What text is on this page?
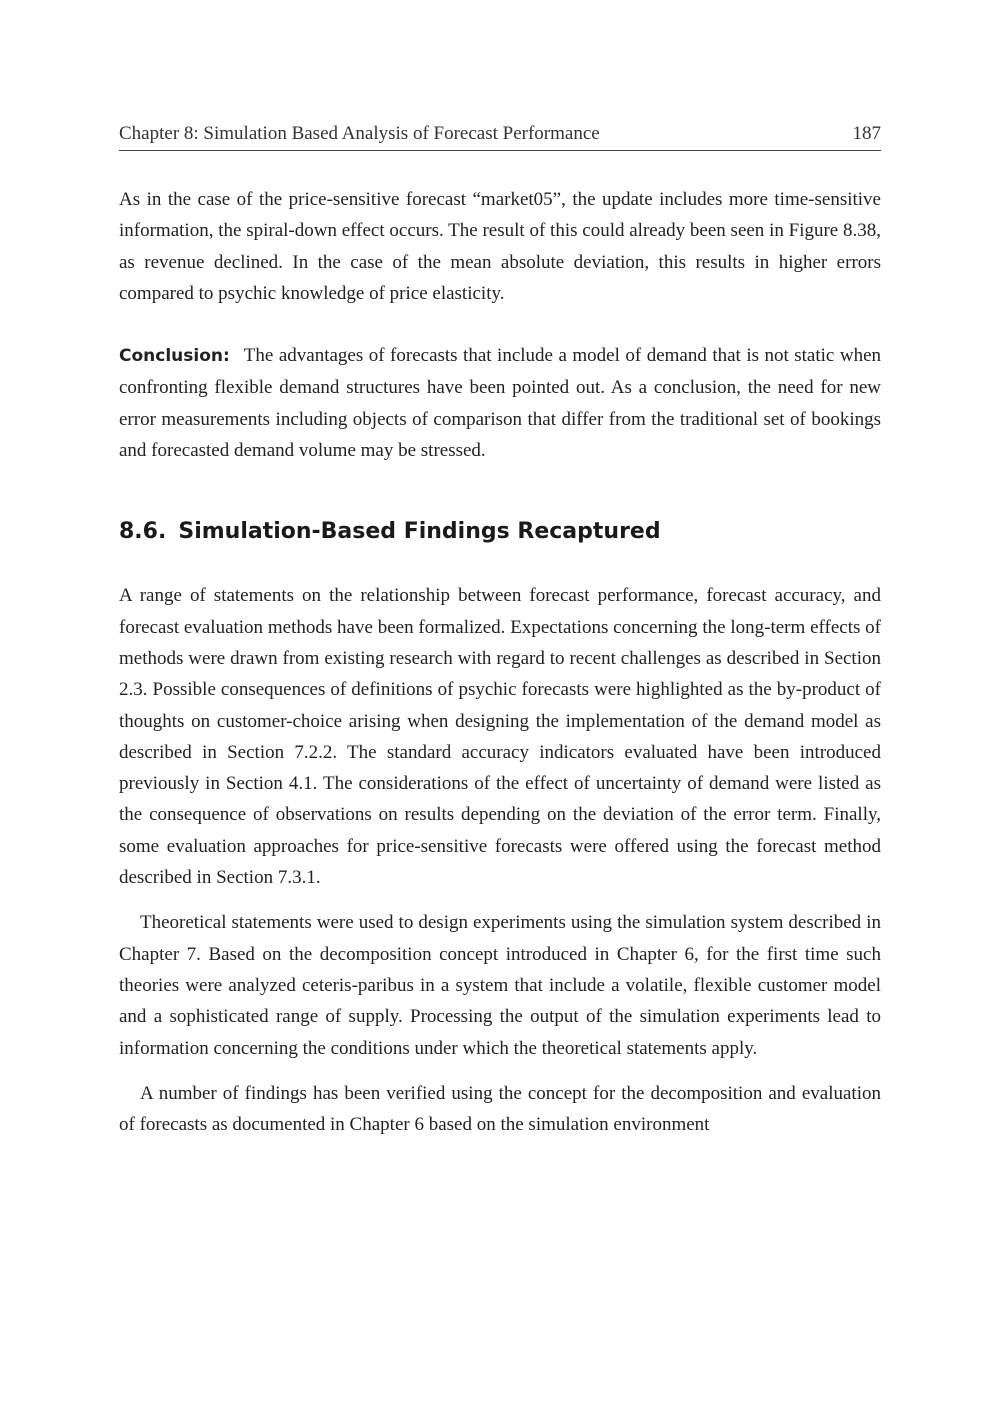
Chapter 8: Simulation Based Analysis of Forecast Performance	187

As in the case of the price-sensitive forecast “market05”, the update includes more time-sensitive information, the spiral-down effect occurs. The result of this could already been seen in Figure 8.38, as revenue declined. In the case of the mean absolute deviation, this results in higher errors compared to psychic knowledge of price elasticity.

Conclusion: The advantages of forecasts that include a model of demand that is not static when confronting flexible demand structures have been pointed out. As a conclusion, the need for new error measurements including objects of comparison that differ from the traditional set of bookings and forecasted demand volume may be stressed.

8.6. Simulation-Based Findings Recaptured

A range of statements on the relationship between forecast performance, forecast accuracy, and forecast evaluation methods have been formalized. Expectations concerning the long-term effects of methods were drawn from existing research with regard to recent challenges as described in Section 2.3. Possible consequences of definitions of psychic forecasts were highlighted as the by-product of thoughts on customer-choice arising when designing the implementation of the demand model as described in Section 7.2.2. The standard accuracy indicators evaluated have been introduced previously in Section 4.1. The considerations of the effect of uncertainty of demand were listed as the consequence of observations on results depending on the deviation of the error term. Finally, some evaluation approaches for price-sensitive forecasts were offered using the forecast method described in Section 7.3.1.

Theoretical statements were used to design experiments using the simulation system described in Chapter 7. Based on the decomposition concept introduced in Chapter 6, for the first time such theories were analyzed ceteris-paribus in a system that include a volatile, flexible customer model and a sophisticated range of supply. Processing the output of the simulation experiments lead to information concerning the conditions under which the theoretical statements apply.

A number of findings has been verified using the concept for the decomposition and evaluation of forecasts as documented in Chapter 6 based on the simulation environment
